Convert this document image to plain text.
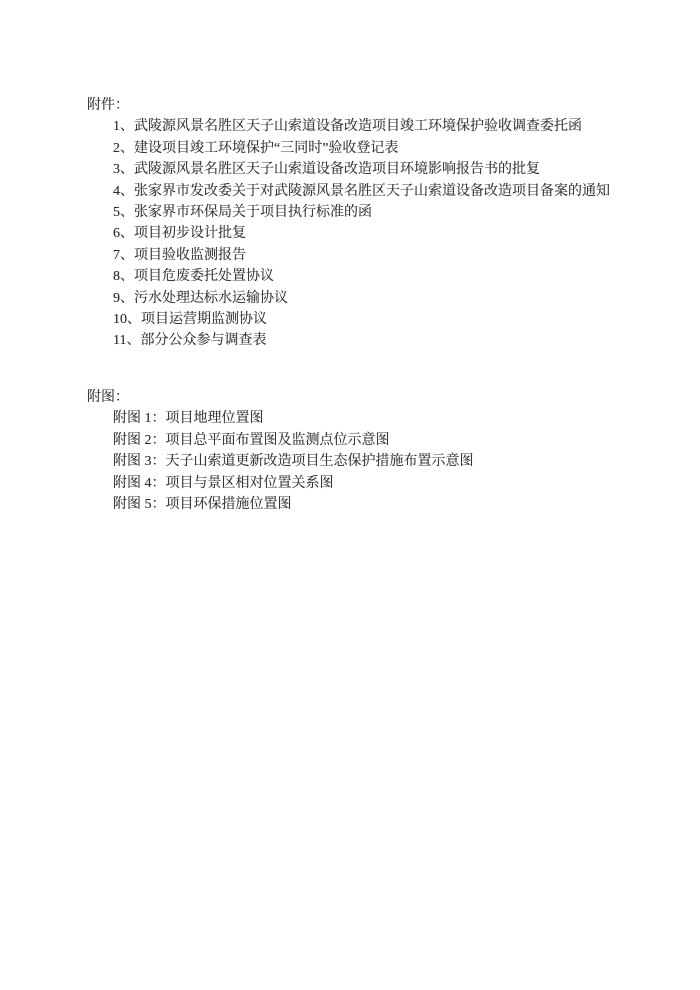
附件：
1、武陵源风景名胜区天子山索道设备改造项目竣工环境保护验收调查委托函
2、建设项目竣工环境保护“三同时”验收登记表
3、武陵源风景名胜区天子山索道设备改造项目环境影响报告书的批复
4、张家界市发改委关于对武陵源风景名胜区天子山索道设备改造项目备案的通知
5、张家界市环保局关于项目执行标准的函
6、项目初步设计批复
7、项目验收监测报告
8、项目危废委托处置协议
9、污水处理达标水运输协议
10、项目运营期监测协议
11、部分公众参与调查表
附图：
附图 1：项目地理位置图
附图 2：项目总平面布置图及监测点位示意图
附图 3：天子山索道更新改造项目生态保护措施布置示意图
附图 4：项目与景区相对位置关系图
附图 5：项目环保措施位置图
